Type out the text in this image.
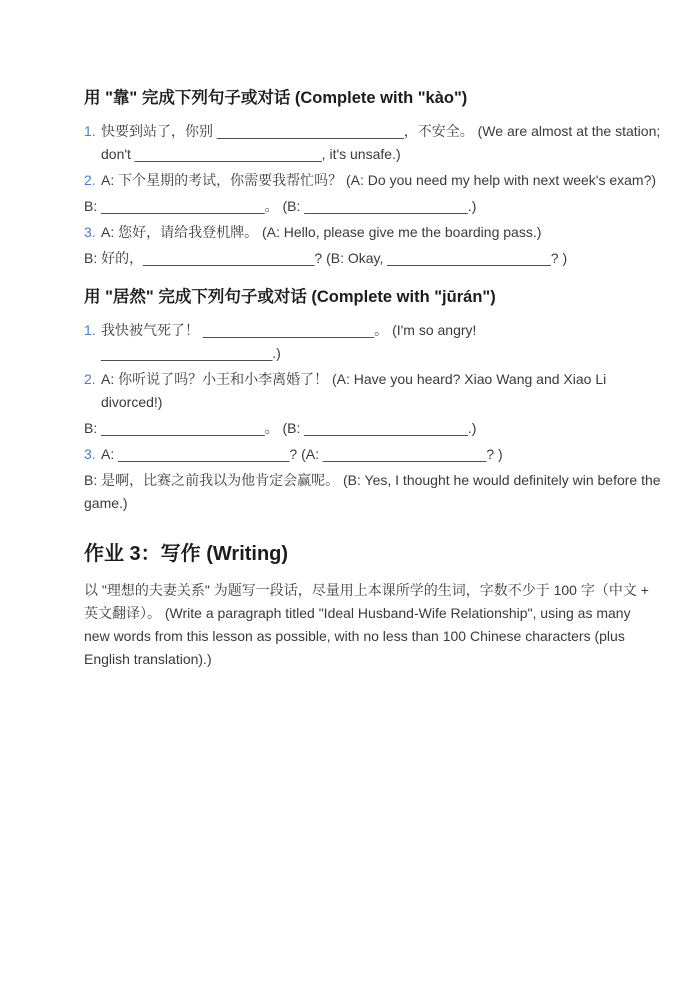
用 "靠" 完成下列句子或对话 (Complete with "kào")
1. 快要到站了，你别 ________________________，不安全。 (We are almost at the station;
don't ________________________, it's unsafe.)
2. A: 下个星期的考试，你需要我帮忙吗？ (A: Do you need my help with next week's exam?)
B: _____________________。 (B: _____________________.)
3. A: 您好，请给我登机牌。 (A: Hello, please give me the boarding pass.)
B: 好的，______________________? (B: Okay, _____________________? )
用 "居然" 完成下列句子或对话 (Complete with "jūrán")
1. 我快被气死了！ ______________________。 (I'm so angry!
______________________.)
2. A: 你听说了吗？小王和小李离婚了！ (A: Have you heard? Xiao Wang and Xiao Li
divorced!)
B: _____________________。 (B: _____________________.)
3. A: ______________________? (A: _____________________? )
B: 是啊，比赛之前我以为他肯定会赢呢。 (B: Yes, I thought he would definitely win before the
game.)
作业 3：写作 (Writing)
以 "理想的夫妻关系" 为题写一段话，尽量用上本课所学的生词，字数不少于 100 字（中文 +
英文翻译）。 (Write a paragraph titled "Ideal Husband-Wife Relationship", using as many
new words from this lesson as possible, with no less than 100 Chinese characters (plus
English translation).)
